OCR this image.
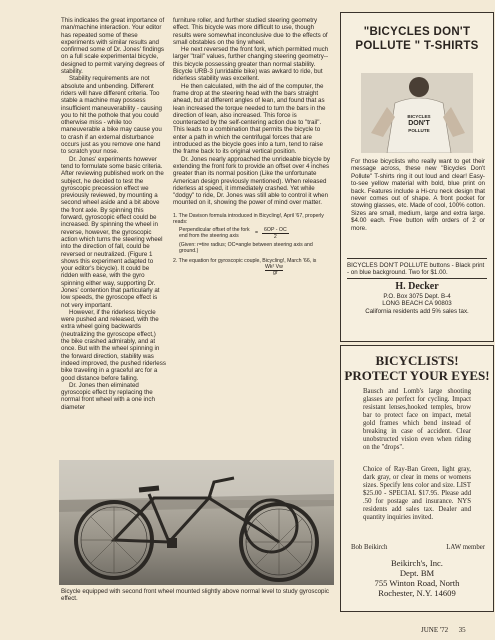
This indicates the great importance of man/machine interaction. Your editor has repeated some of these experiments with similar results and confirmed some of Dr. Jones' findings on a full scale experimental bicycle, designed to permit varying degrees of stability.

Stability requirements are not absolute and unbending. Different riders will have different criteria. Too stable a machine may possess insufficient maneuverability - causing you to hit the pothole that you could otherwise miss - while too maneuverable a bike may cause you to crash if an external disturbance occurs just as you remove one hand to scratch your nose.

Dr. Jones' experiments however tend to formulate some basic criteria. After reviewing published work on the subject, he decided to test the gyroscopic precession effect we previously reviewed, by mounting a second wheel aside and a bit above the front axle. By spinning this forward, gyroscopic effect could be increased. By spinning the wheel in reverse, however, the gyroscopic action which turns the steering wheel into the direction of fall, could be reversed or neutralized. (Figure 1 shows this experiment adapted to your editor's bicycle). It could be ridden with ease, with the gyro spinning either way, supporting Dr. Jones' contention that particularly at low speeds, the gyroscope effect is not very important.

However, if the riderless bicycle were pushed and released, with the extra wheel going backwards (neutralizing the gyroscope effect,) the bike crashed admirably, and at once. But with the wheel spinning in the forward direction, stability was indeed improved, the pushed riderless bike traveling in a graceful arc for a good distance before falling.

Dr. Jones then eliminated gyroscopic effect by replacing the normal front wheel with a one inch diameter

furniture roller, and further studied steering geometry effect. This bicycle was more difficult to use, though results were somewhat inconclusive due to the effects of small obstables on the tiny wheel.

He next reversed the front fork, which permitted much larger "trail" values, further changing steering geometry--this bicycle possessing greater than normal stability. Bicycle URB-3 (unridable bike) was awkard to ride, but riderless stability was excellent.

He then calculated, with the aid of the computer, the frame drop at the steering head with the bars straight ahead, but at different angles of lean, and found that as lean increased the torque needed to turn the bars in the direction of lean, also increased. This force is counteracted by the self-centering action due to "trail". This leads to a combination that permits the bicycle to enter a path in which the centrifugal forces that are introduced as the bicycle goes into a turn, tend to raise the frame back to its original vertical position.

Dr. Jones nearly approached the unrideable bicycle by extending the front fork to provide an offset over 4 inches greater than its normal position (Like the unfortunate American design previously mentioned). When released riderless at speed, it immediately crashed. Yet while "dodgy" to ride, Dr. Jones was still able to control it when mounted on it, showing the power of mind over matter.

1. The Davison formula introduced in Bicycling!, April '67, properly reads:
Perpendicular offset of the fork end from the steering axis	= $\frac{6OP - OC}{2}$
(Given: r=tire radius; OC=angle between steering axis and ground.)
2. The equation for gyroscopic couple, Bicycling!, March '66, is
Wk² Vw
gr
Bicycle equipped with second front wheel mounted slightly above normal level to study gyroscopic effect.
"BICYCLES DON'T
POLLUTE " T-SHIRTS
BICYCLES
DON'T
POLLUTE
For those bicyclists who really want to get their message across, these new "Bicycles Don't Pollute" T-shirts ring it out loud and clear! Easy-to-see yellow material with bold, blue print on back. Features include a Hi-cru neck design that never comes out of shape. A front pocket for stowing glasses, etc. Made of cool, 100% cotton. Sizes are small, medium, large and extra large. $4.00 each. Free button with orders of 2 or more.
BICYCLES DON'T POLLUTE buttons - Black print - on blue background. Two for $1.00.
H. Decker
P.O. Box 3075 Dept. B-4
LONG BEACH CA 90803
California residents add 5% sales tax.
BICYCLISTS!
PROTECT YOUR EYES!
Bausch and Lomb's large shooting glasses are perfect for cycling. Impact resistant lenses,hooked temples, brow bar to protect face on impact, metal gold frames which bend instead of breaking in case of accident. Clear unobstructed vision even when riding on the "drops".
Choice of Ray-Ban Green, light gray, dark gray, or clear in mens or womens sizes. Specify lens color and size. LIST $25.00 - SPECIAL $17.95. Please add .50 for postage and insurance. NYS residents add sales tax. Dealer and quantity inquiries invited.
Bob Beikirch	LAW member
Beikirch's, Inc.
Dept. BM
755 Winton Road, North
Rochester, N.Y. 14609
JUNE '72 35
